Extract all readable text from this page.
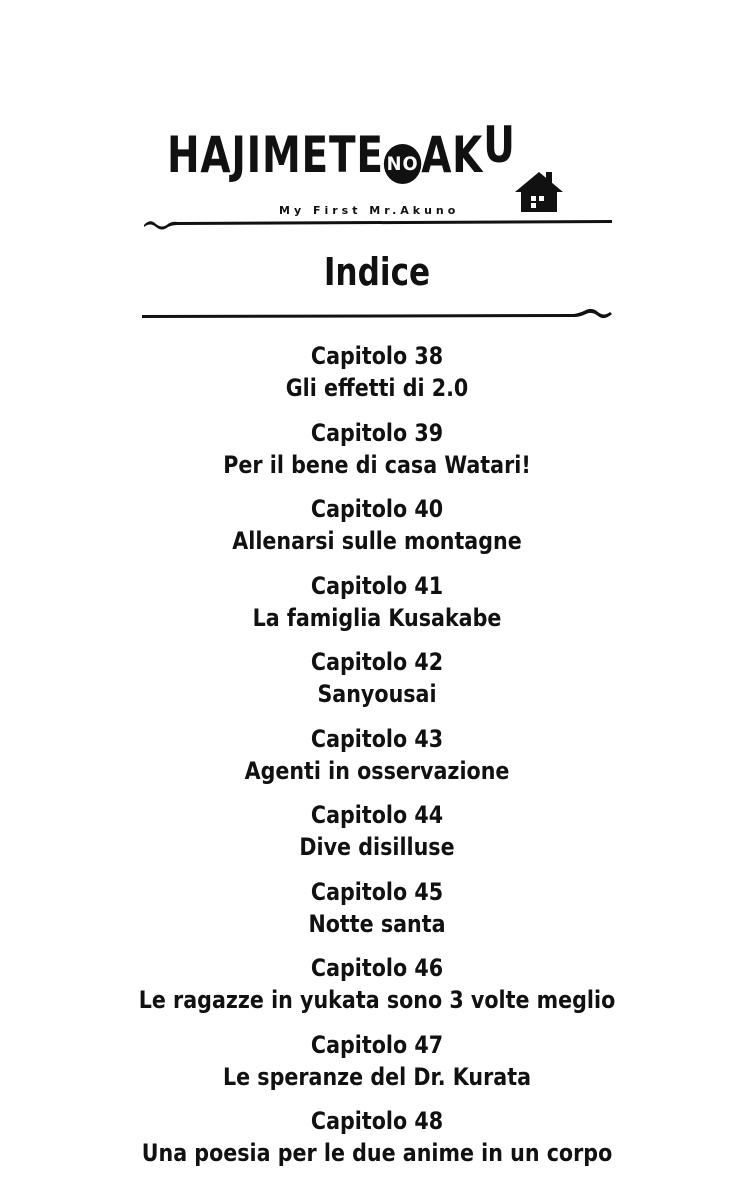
HAJIMETE NOAKU
My First Mr.Akuno
Indice
Capitolo 38
Gli effetti di 2.0
Capitolo 39
Per il bene di casa Watari!
Capitolo 40
Allenarsi sulle montagne
Capitolo 41
La famiglia Kusakabe
Capitolo 42
Sanyousai
Capitolo 43
Agenti in osservazione
Capitolo 44
Dive disilluse
Capitolo 45
Notte santa
Capitolo 46
Le ragazze in yukata sono 3 volte meglio
Capitolo 47
Le speranze del Dr. Kurata
Capitolo 48
Una poesia per le due anime in un corpo
